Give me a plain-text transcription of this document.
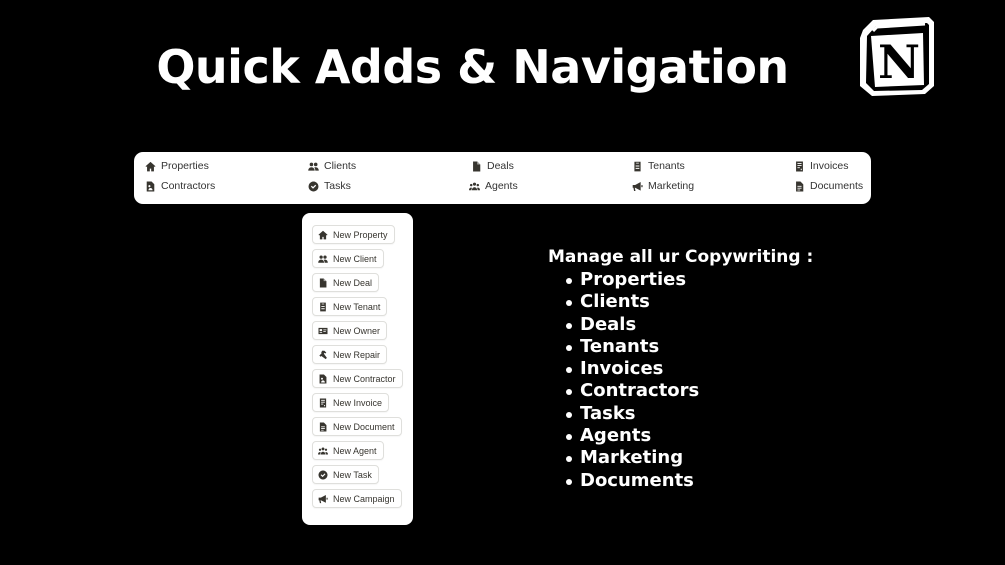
Quick Adds & Navigation	N
Properties	Clients	Deals	Tenants	Invoices
Contractors	Tasks	Agents	Marketing	Documents
New Property
New Client
New Deal
New Tenant
New Owner
New Repair
New Contractor
New Invoice
New Document
New Agent
New Task
New Campaign
Manage all ur Copywriting :
Properties
Clients
Deals
Tenants
Invoices
Contractors
Tasks
Agents
Marketing
Documents
